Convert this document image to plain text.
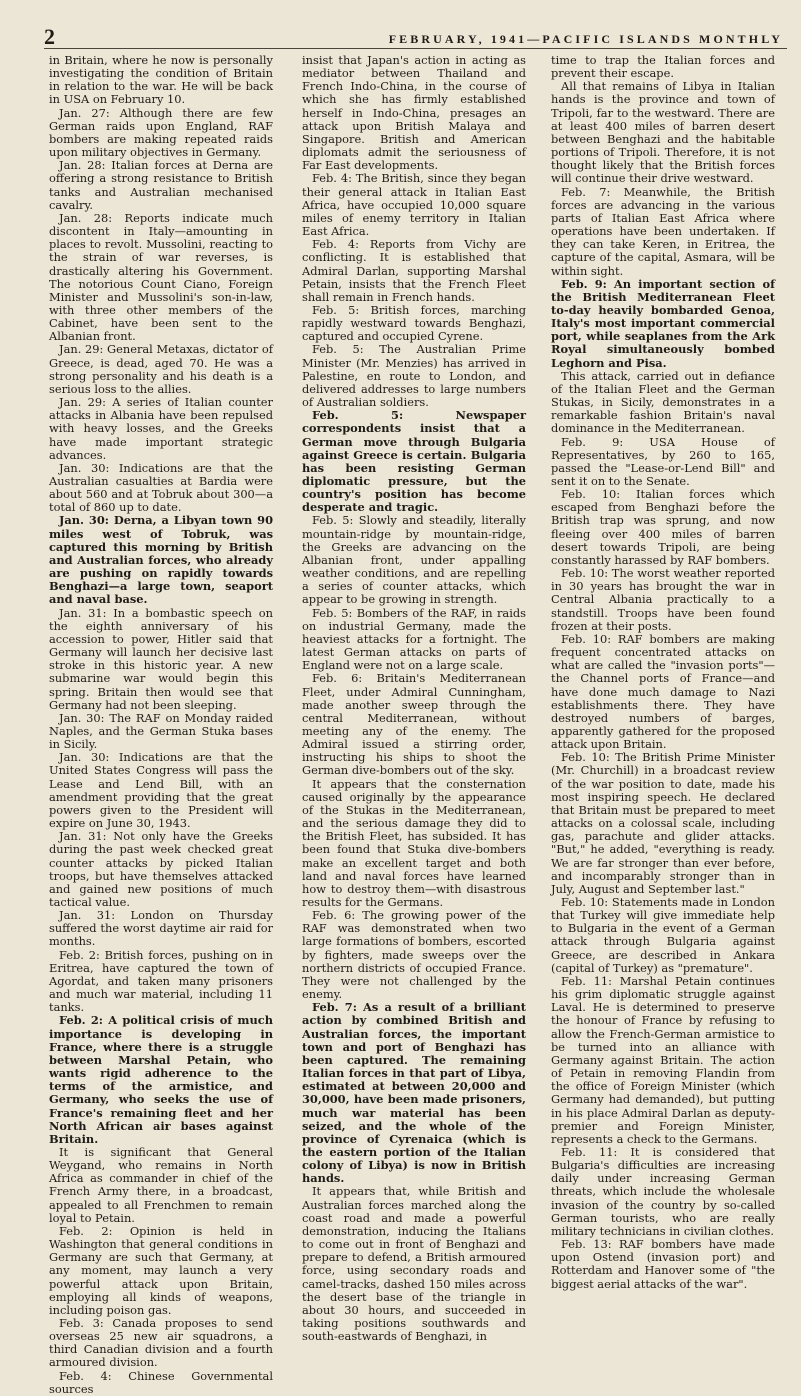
2	FEBRUARY, 1941—PACIFIC ISLANDS MONTHLY

in Britain, where he now is personally investigating the condition of Britain in relation to the war. He will be back in USA on February 10.

Jan. 27: Although there are few German raids upon England, RAF bombers are making repeated raids upon military objectives in Germany.

Jan. 28: Italian forces at Derna are offering a strong resistance to British tanks and Australian mechanised cavalry.

Jan. 28: Reports indicate much discontent in Italy—amounting in places to revolt. Mussolini, reacting to the strain of war reverses, is drastically altering his Government. The notorious Count Ciano, Foreign Minister and Mussolini's son-in-law, with three other members of the Cabinet, have been sent to the Albanian front.

Jan. 29: General Metaxas, dictator of Greece, is dead, aged 70. He was a strong personality and his death is a serious loss to the allies.

Jan. 29: A series of Italian counter attacks in Albania have been repulsed with heavy losses, and the Greeks have made important strategic advances.

Jan. 30: Indications are that the Australian casualties at Bardia were about 560 and at Tobruk about 300—a total of 860 up to date.

Jan. 30: Derna, a Libyan town 90 miles west of Tobruk, was captured this morning by British and Australian forces, who already are pushing on rapidly towards Benghazi—a large town, seaport and naval base.

Jan. 31: In a bombastic speech on the eighth anniversary of his accession to power, Hitler said that Germany will launch her decisive last stroke in this historic year. A new submarine war would begin this spring. Britain then would see that Germany had not been sleeping.

Jan. 30: The RAF on Monday raided Naples, and the German Stuka bases in Sicily.

Jan. 30: Indications are that the United States Congress will pass the Lease and Lend Bill, with an amendment providing that the great powers given to the President will expire on June 30, 1943.

Jan. 31: Not only have the Greeks during the past week checked great counter attacks by picked Italian troops, but have themselves attacked and gained new positions of much tactical value.

Jan. 31: London on Thursday suffered the worst daytime air raid for months.

Feb. 2: British forces, pushing on in Eritrea, have captured the town of Agordat, and taken many prisoners and much war material, including 11 tanks.

Feb. 2: A political crisis of much importance is developing in France, where there is a struggle between Marshal Petain, who wants rigid adherence to the terms of the armistice, and Germany, who seeks the use of France's remaining fleet and her North African air bases against Britain.

It is significant that General Weygand, who remains in North Africa as commander in chief of the French Army there, in a broadcast, appealed to all Frenchmen to remain loyal to Petain.

Feb. 2: Opinion is held in Washington that general conditions in Germany are such that Germany, at any moment, may launch a very powerful attack upon Britain, employing all kinds of weapons, including poison gas.

Feb. 3: Canada proposes to send overseas 25 new air squadrons, a third Canadian division and a fourth armoured division.

Feb. 4: Chinese Governmental sources

insist that Japan's action in acting as mediator between Thailand and French Indo-China, in the course of which she has firmly established herself in Indo-China, presages an attack upon British Malaya and Singapore. British and American diplomats admit the seriousness of Far East developments.

Feb. 4: The British, since they began their general attack in Italian East Africa, have occupied 10,000 square miles of enemy territory in Italian East Africa.

Feb. 4: Reports from Vichy are conflicting. It is established that Admiral Darlan, supporting Marshal Petain, insists that the French Fleet shall remain in French hands.

Feb. 5: British forces, marching rapidly westward towards Benghazi, captured and occupied Cyrene.

Feb. 5: The Australian Prime Minister (Mr. Menzies) has arrived in Palestine, en route to London, and delivered addresses to large numbers of Australian soldiers.

Feb. 5: Newspaper correspondents insist that a German move through Bulgaria against Greece is certain. Bulgaria has been resisting German diplomatic pressure, but the country's position has become desperate and tragic.

Feb. 5: Slowly and steadily, literally mountain-ridge by mountain-ridge, the Greeks are advancing on the Albanian front, under appalling weather conditions, and are repelling a series of counter attacks, which appear to be growing in strength.

Feb. 5: Bombers of the RAF, in raids on industrial Germany, made the heaviest attacks for a fortnight. The latest German attacks on parts of England were not on a large scale.

Feb. 6: Britain's Mediterranean Fleet, under Admiral Cunningham, made another sweep through the central Mediterranean, without meeting any of the enemy. The Admiral issued a stirring order, instructing his ships to shoot the German dive-bombers out of the sky.

It appears that the consternation caused originally by the appearance of the Stukas in the Mediterranean, and the serious damage they did to the British Fleet, has subsided. It has been found that Stuka dive-bombers make an excellent target and both land and naval forces have learned how to destroy them—with disastrous results for the Germans.

Feb. 6: The growing power of the RAF was demonstrated when two large formations of bombers, escorted by fighters, made sweeps over the northern districts of occupied France. They were not challenged by the enemy.

Feb. 7: As a result of a brilliant action by combined British and Australian forces, the important town and port of Benghazi has been captured. The remaining Italian forces in that part of Libya, estimated at between 20,000 and 30,000, have been made prisoners, much war material has been seized, and the whole of the province of Cyrenaica (which is the eastern portion of the Italian colony of Libya) is now in British hands.

It appears that, while British and Australian forces marched along the coast road and made a powerful demonstration, inducing the Italians to come out in front of Benghazi and prepare to defend, a British armoured force, using secondary roads and camel-tracks, dashed 150 miles across the desert base of the triangle in about 30 hours, and succeeded in taking positions southwards and south-eastwards of Benghazi, in

time to trap the Italian forces and prevent their escape.

All that remains of Libya in Italian hands is the province and town of Tripoli, far to the westward. There are at least 400 miles of barren desert between Benghazi and the habitable portions of Tripoli. Therefore, it is not thought likely that the British forces will continue their drive westward.

Feb. 7: Meanwhile, the British forces are advancing in the various parts of Italian East Africa where operations have been undertaken. If they can take Keren, in Eritrea, the capture of the capital, Asmara, will be within sight.

Feb. 9: An important section of the British Mediterranean Fleet to-day heavily bombarded Genoa, Italy's most important commercial port, while seaplanes from the Ark Royal simultaneously bombed Leghorn and Pisa.

This attack, carried out in defiance of the Italian Fleet and the German Stukas, in Sicily, demonstrates in a remarkable fashion Britain's naval dominance in the Mediterranean.

Feb. 9: USA House of Representatives, by 260 to 165, passed the "Lease-or-Lend Bill" and sent it on to the Senate.

Feb. 10: Italian forces which escaped from Benghazi before the British trap was sprung, and now fleeing over 400 miles of barren desert towards Tripoli, are being constantly harassed by RAF bombers.

Feb. 10: The worst weather reported in 30 years has brought the war in Central Albania practically to a standstill. Troops have been found frozen at their posts.

Feb. 10: RAF bombers are making frequent concentrated attacks on what are called the "invasion ports"—the Channel ports of France—and have done much damage to Nazi establishments there. They have destroyed numbers of barges, apparently gathered for the proposed attack upon Britain.

Feb. 10: The British Prime Minister (Mr. Churchill) in a broadcast review of the war position to date, made his most inspiring speech. He declared that Britain must be prepared to meet attacks on a colossal scale, including gas, parachute and glider attacks. "But," he added, "everything is ready. We are far stronger than ever before, and incomparably stronger than in July, August and September last."

Feb. 10: Statements made in London that Turkey will give immediate help to Bulgaria in the event of a German attack through Bulgaria against Greece, are described in Ankara (capital of Turkey) as "premature".

Feb. 11: Marshal Petain continues his grim diplomatic struggle against Laval. He is determined to preserve the honour of France by refusing to allow the French-German armistice to be turned into an alliance with Germany against Britain. The action of Petain in removing Flandin from the office of Foreign Minister (which Germany had demanded), but putting in his place Admiral Darlan as deputy-premier and Foreign Minister, represents a check to the Germans.

Feb. 11: It is considered that Bulgaria's difficulties are increasing daily under increasing German threats, which include the wholesale invasion of the country by so-called German tourists, who are really military technicians in civilian clothes.

Feb. 13: RAF bombers have made upon Ostend (invasion port) and Rotterdam and Hanover some of "the biggest aerial attacks of the war".
